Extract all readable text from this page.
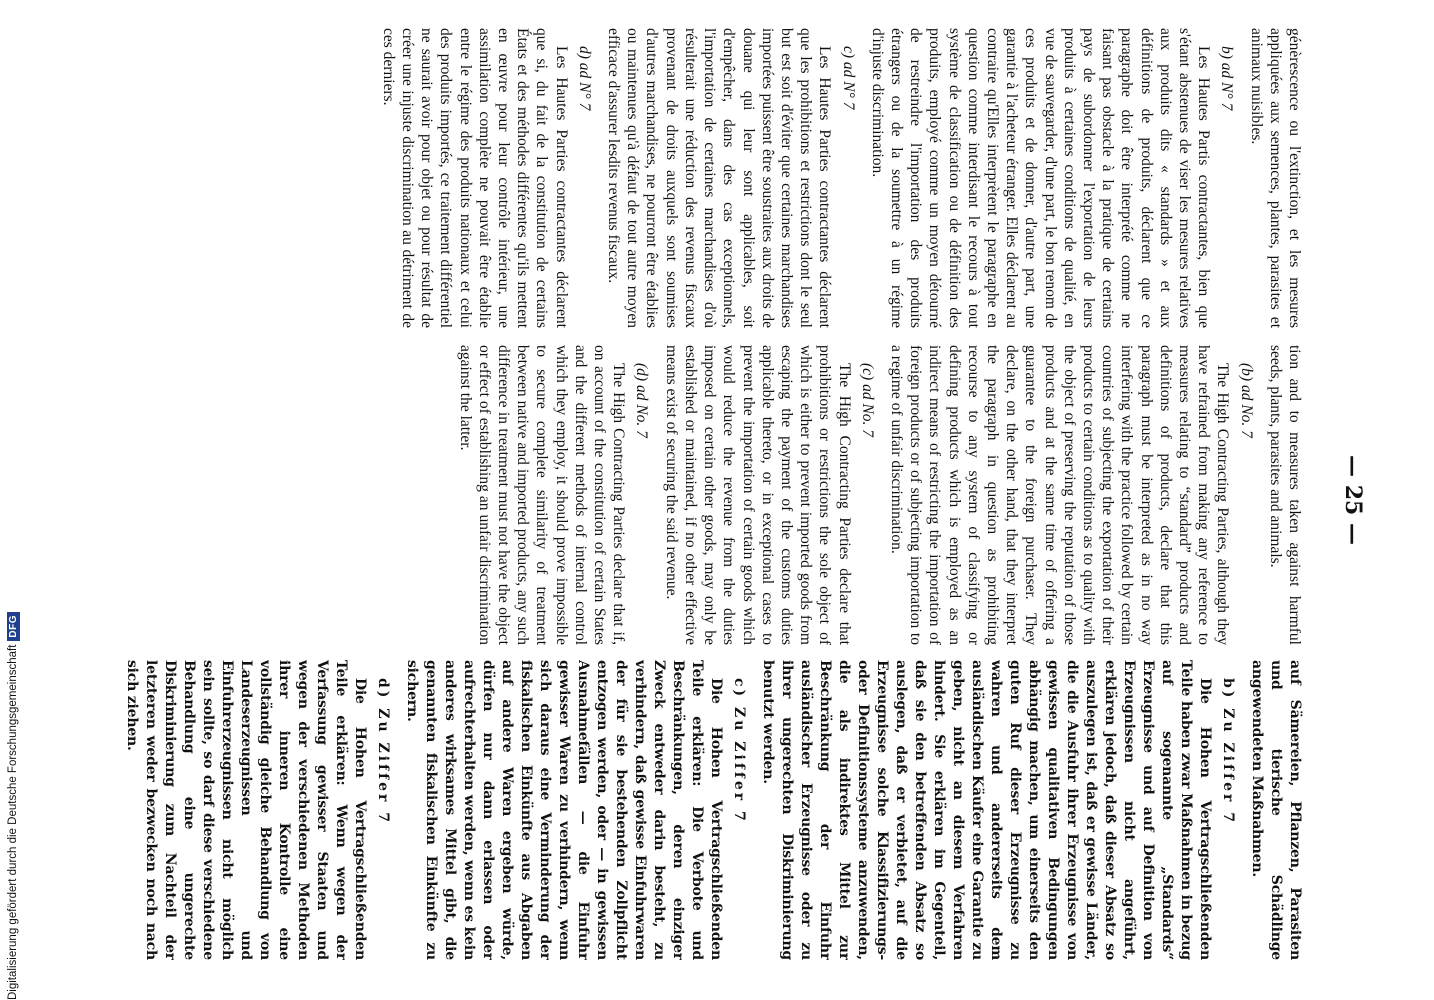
— 25 —

génèrescence ou l'extinction, et les mesures appliquées aux semences, plantes, parasites et animaux nuisibles.

b) ad N° 7

Les Hautes Partis contractantes, bien que s'étant abstenues de viser les mesures relatives aux produits dits « standards » et aux définitions de produits, déclarent que ce paragraphe doit être interprété comme ne faisant pas obstacle à la pratique de certains pays de subordonner l'exportation de leurs produits à certaines conditions de qualité, en vue de sauvegarder, d'une part, le bon renom de ces produits et de donner, d'autre part, une garantie à l'acheteur étranger. Elles déclarent au contraire qu'Elles interprètent le paragraphe en question comme interdisant le recours à tout système de classification ou de définition des produits, employé comme un moyen détourné de restreindre l'importation des produits étrangers ou de la soumettre à un régime d'injuste discrimination.

c) ad N° 7

Les Hautes Parties contractantes déclarent que les prohibitions et restrictions dont le seul but est soit d'éviter que certaines marchandises importées puissent être soustraites aux droits de douane qui leur sont applicables, soit d'empêcher, dans des cas exceptionnels, l'importation de certaines marchandises d'où résulterait une réduction des revenus fiscaux provenant de droits auxquels sont soumises d'autres marchandises, ne pourront être établies ou maintenues qu'à défaut de tout autre moyen efficace d'assurer lesdits revenus fiscaux.

d) ad N° 7

Les Hautes Parties contractantes déclarent que si, du fait de la constitution de certains États et des méthodes différentes qu'ils mettent en œuvre pour leur contrôle intérieur, une assimilation complète ne pouvait être établie entre le régime des produits nationaux et celui des produits importés, ce traitement différentiel ne saurait avoir pour objet ou pour résultat de créer une injuste discrimination au détriment de ces derniers.

tion and to measures taken against harmful seeds, plants, parasites and animals.

(b) ad No. 7

The High Contracting Parties, although they have refrained from making any reference to measures relating to “standard” products and definitions of products, declare that this paragraph must be interpreted as in no way interfering with the practice followed by certain countries of subjecting the exportation of their products to certain conditions as to quality with the object of preserving the reputation of those products and at the same time of offering a guarantee to the foreign purchaser. They declare, on the other hand, that they interpret the paragraph in question as prohibiting recourse to any system of classifying or defining products which is employed as an indirect means of restricting the importation of foreign products or of subjecting importation to a regime of unfair discrimination.

(c) ad No. 7

The High Contracting Parties declare that prohibitions or restrictions the sole object of which is either to prevent imported goods from escaping the payment of the customs duties applicable thereto, or in exceptional cases to prevent the importation of certain goods which would reduce the revenue from the duties imposed on certain other goods, may only be established or maintained, if no other effective means exist of securing the said revenue.

(d) ad No. 7

The High Contracting Parties declare that if, on account of the constitution of certain States and the different methods of internal control which they employ, it should prove impossible to secure complete similarity of treatment between native and imported products, any such difference in treatment must not have the object or effect of establishing an unfair discrimination against the latter.

auf Sämereien, Pflanzen, Parasiten und tierische Schädlinge angewendeten Maßnahmen.

b) Zu Ziffer 7

Die Hohen Vertragschließenden Teile haben zwar Maßnahmen in bezug auf sogenannte „Standards“ Erzeugnisse und auf Definition von Erzeugnissen nicht angeführt, erklären jedoch, daß dieser Absatz so auszulegen ist, daß er gewisse Länder, die die Ausfuhr ihrer Erzeugnisse von gewissen qualitativen Bedingungen abhängig machen, um einerseits den guten Ruf dieser Erzeugnisse zu wahren und andererseits dem ausländischen Käufer eine Garantie zu geben, nicht an diesem Verfahren hindert. Sie erklären im Gegenteil, daß sie den betreffenden Absatz so auslegen, daß er verbietet, auf die Erzeugnisse solche Klassifizierungs- oder Definitionssysteme anzuwenden, die als indirektes Mittel zur Beschränkung der Einfuhr ausländischer Erzeugnisse oder zu ihrer ungerechten Diskriminierung benutzt werden.

c) Zu Ziffer 7

Die Hohen Vertragschließenden Teile erklären: Die Verbote und Beschränkungen, deren einziger Zweck entweder darin besteht, zu verhindern, daß gewisse Einfuhrwaren der für sie bestehenden Zollpflicht entzogen werden, oder — in gewissen Ausnahmefällen — die Einfuhr gewisser Waren zu verhindern, wenn sich daraus eine Verminderung der fiskalischen Einkünfte aus Abgaben auf andere Waren ergeben würde, dürfen nur dann erlassen oder aufrechterhalten werden, wenn es kein anderes wirksames Mittel gibt, die genannten fiskalischen Einkünfte zu sichern.

d) Zu Ziffer 7

Die Hohen Vertragschließenden Teile erklären: Wenn wegen der Verfassung gewisser Staaten und wegen der verschiedenen Methoden ihrer inneren Kontrolle eine vollständig gleiche Behandlung von Landeserzeugnissen und Einfuhrerzeugnissen nicht möglich sein sollte, so darf diese verschiedene Behandlung eine ungerechte Diskriminierung zum Nachteil der letzteren weder bezwecken noch nach sich ziehen.

Digitalisierung gefördert durch die Deutsche Forschungsgemeinschaft
DFG
